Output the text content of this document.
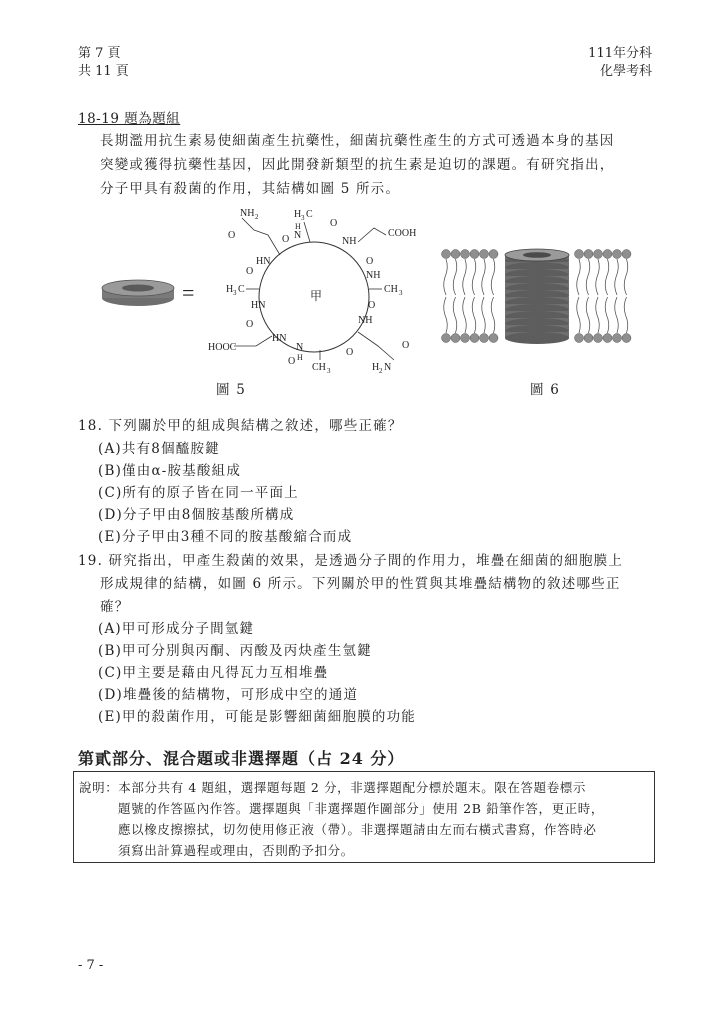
第 7 頁
共 11 頁
111年分科
化學考科
18-19 題為題組
長期濫用抗生素易使細菌產生抗藥性，細菌抗藥性產生的方式可透過本身的基因
突變或獲得抗藥性基因，因此開發新類型的抗生素是迫切的課題。有研究指出，
分子甲具有殺菌的作用，其結構如圖 5 所示。
=	甲
NH 2
O
H 3 C
N
H	O
O	NH
COOH
HN
O
H 3 C
HN
O
O
NH
CH 3
O
NH
HN
HOOC	N
H
O
CH 3
O
O
H 2 N
圖 5	圖 6
18. 下列關於甲的組成與結構之敘述，哪些正確？
(A)共有8個醯胺鍵
(B)僅由α-胺基酸組成
(C)所有的原子皆在同一平面上
(D)分子甲由8個胺基酸所構成
(E)分子甲由3種不同的胺基酸縮合而成
19. 研究指出，甲產生殺菌的效果，是透過分子間的作用力，堆疊在細菌的細胞膜上
形成規律的結構，如圖 6 所示。下列關於甲的性質與其堆疊結構物的敘述哪些正
確？
(A)甲可形成分子間氫鍵
(B)甲可分別與丙酮、丙酸及丙炔產生氫鍵
(C)甲主要是藉由凡得瓦力互相堆疊
(D)堆疊後的結構物，可形成中空的通道
(E)甲的殺菌作用，可能是影響細菌細胞膜的功能
第貳部分、混合題或非選擇題（占 24 分）
說明：本部分共有 4 題組，選擇題每題 2 分，非選擇題配分標於題末。限在答題卷標示
題號的作答區內作答。選擇題與「非選擇題作圖部分」使用 2B 鉛筆作答，更正時，
應以橡皮擦擦拭，切勿使用修正液（帶）。非選擇題請由左而右橫式書寫，作答時必
須寫出計算過程或理由，否則酌予扣分。
- 7 -
